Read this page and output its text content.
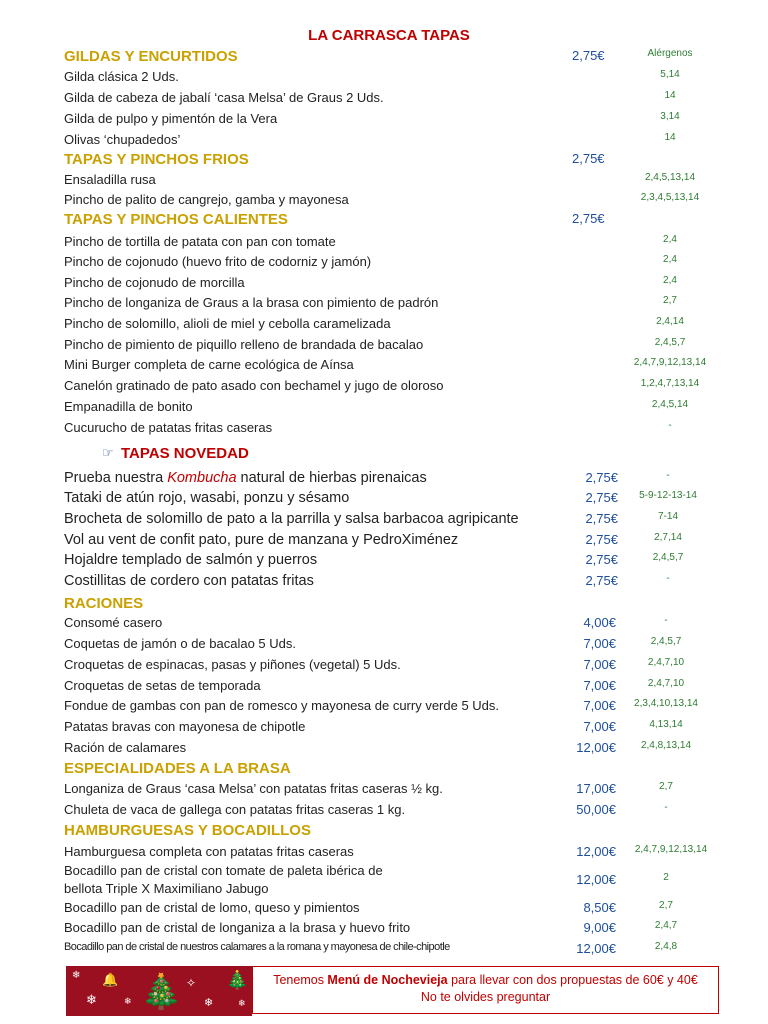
LA CARRASCA TAPAS
GILDAS Y ENCURTIDOS	2,75€	Alérgenos
Gilda clásica 2 Uds.	5,14
Gilda de cabeza de jabalí ‘casa Melsa’ de Graus 2 Uds.	14
Gilda de pulpo y pimentón de la Vera	3,14
Olivas ‘chupadedos’	14
TAPAS Y PINCHOS FRIOS	2,75€
Ensaladilla rusa	2,4,5,13,14
Pincho de palito de cangrejo, gamba y mayonesa	2,3,4,5,13,14
TAPAS Y PINCHOS CALIENTES	2,75€
Pincho de tortilla de patata con pan con tomate	2,4
Pincho de cojonudo (huevo frito de codorniz y jamón)	2,4
Pincho de cojonudo de morcilla	2,4
Pincho de longaniza de Graus a la brasa con pimiento de padrón	2,7
Pincho de solomillo, alioli de miel y cebolla caramelizada	2,4,14
Pincho de pimiento de piquillo relleno de brandada de bacalao	2,4,5,7
Mini Burger completa de carne ecológica de Aínsa	2,4,7,9,12,13,14
Canelón gratinado de pato asado con bechamel y jugo de oloroso	1,2,4,7,13,14
Empanadilla de bonito	2,4,5,14
Cucurucho de patatas fritas caseras	-
☞ TAPAS NOVEDAD
Prueba nuestra Kombucha natural de hierbas pirenaicas	2,75€	-
Tataki de atún rojo, wasabi, ponzu y sésamo	2,75€	5-9-12-13-14
Brocheta de solomillo de pato a la parrilla y salsa barbacoa agripicante	2,75€	7-14
Vol au vent de confit pato, pure de manzana y PedroXiménez	2,75€	2,7,14
Hojaldre templado de salmón y puerros	2,75€	2,4,5,7
Costillitas de cordero con patatas fritas	2,75€	-
RACIONES
Consomé casero	4,00€	-
Coquetas de jamón o de bacalao 5 Uds.	7,00€	2,4,5,7
Croquetas de espinacas, pasas y piñones (vegetal) 5 Uds.	7,00€	2,4,7,10
Croquetas de setas de temporada	7,00€	2,4,7,10
Fondue de gambas con pan de romesco y mayonesa de curry verde 5 Uds.	7,00€	2,3,4,10,13,14
Patatas bravas con mayonesa de chipotle	7,00€	4,13,14
Ración de calamares	12,00€	2,4,8,13,14
ESPECIALIDADES A LA BRASA
Longaniza de Graus ‘casa Melsa’ con patatas fritas caseras ½ kg.	17,00€	2,7
Chuleta de vaca de gallega con patatas fritas caseras 1 kg.	50,00€	-
HAMBURGUESAS Y BOCADILLOS
Hamburguesa completa con patatas fritas caseras	12,00€	2,4,7,9,12,13,14
Bocadillo pan de cristal con tomate de paleta ibérica de
bellota Triple X Maximiliano Jabugo
12,00€	2
Bocadillo pan de cristal de lomo, queso y pimientos	8,50€	2,7
Bocadillo pan de cristal de longaniza a la brasa y huevo frito	9,00€	2,4,7
Bocadillo pan de cristal de nuestros calamares a la romana y mayonesa de chile-chipotle	12,00€	2,4,8
❄
❄
🔔
❄ 🎄 ✧
❄
🎄
❄
Tenemos Menú de Nochevieja para llevar con dos propuestas de 60€ y 40€
No te olvides preguntar
